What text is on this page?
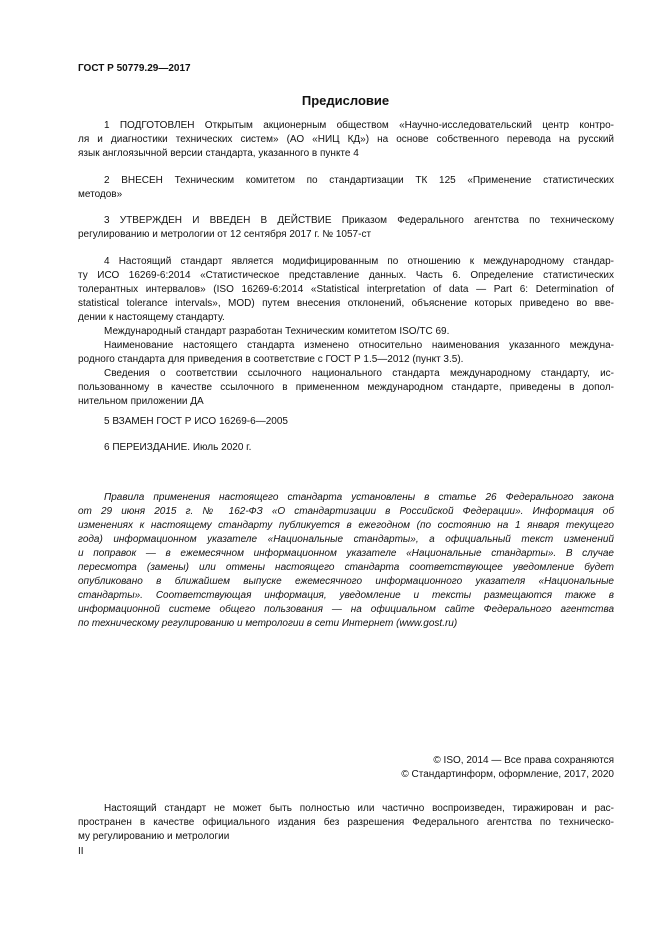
ГОСТ Р 50779.29—2017
Предисловие
1 ПОДГОТОВЛЕН Открытым акционерным обществом «Научно-исследовательский центр контро-
ля и диагностики технических систем» (АО «НИЦ КД») на основе собственного перевода на русский
язык англоязычной версии стандарта, указанного в пункте 4
2 ВНЕСЕН Техническим комитетом по стандартизации ТК 125 «Применение статистических
методов»
3 УТВЕРЖДЕН И ВВЕДЕН В ДЕЙСТВИЕ Приказом Федерального агентства по техническому
регулированию и метрологии от 12 сентября 2017 г. № 1057-ст
4 Настоящий стандарт является модифицированным по отношению к международному стандар-
ту ИСО 16269-6:2014 «Статистическое представление данных. Часть 6. Определение статистических
толерантных интервалов» (ISO 16269-6:2014 «Statistical interpretation of data — Part 6: Determination of
statistical tolerance intervals», MOD) путем внесения отклонений, объяснение которых приведено во вве-
дении к настоящему стандарту.
Международный стандарт разработан Техническим комитетом ISO/TC 69.
Наименование настоящего стандарта изменено относительно наименования указанного междуна-
родного стандарта для приведения в соответствие с ГОСТ Р 1.5—2012 (пункт 3.5).
Сведения о соответствии ссылочного национального стандарта международному стандарту, ис-
пользованному в качестве ссылочного в примененном международном стандарте, приведены в допол-
нительном приложении ДА
5 ВЗАМЕН ГОСТ Р ИСО 16269-6—2005
6 ПЕРЕИЗДАНИЕ. Июль 2020 г.
Правила применения настоящего стандарта установлены в статье 26 Федерального закона
от 29 июня 2015 г. № 162-ФЗ «О стандартизации в Российской Федерации». Информация об
изменениях к настоящему стандарту публикуется в ежегодном (по состоянию на 1 января текущего
года) информационном указателе «Национальные стандарты», а официальный текст изменений
и поправок — в ежемесячном информационном указателе «Национальные стандарты». В случае
пересмотра (замены) или отмены настоящего стандарта соответствующее уведомление будет
опубликовано в ближайшем выпуске ежемесячного информационного указателя «Национальные
стандарты». Соответствующая информация, уведомление и тексты размещаются также в
информационной системе общего пользования — на официальном сайте Федерального агентства
по техническому регулированию и метрологии в сети Интернет (www.gost.ru)
© ISO, 2014 — Все права сохраняются
© Стандартинформ, оформление, 2017, 2020
Настоящий стандарт не может быть полностью или частично воспроизведен, тиражирован и рас-
пространен в качестве официального издания без разрешения Федерального агентства по техническо-
му регулированию и метрологии
II
